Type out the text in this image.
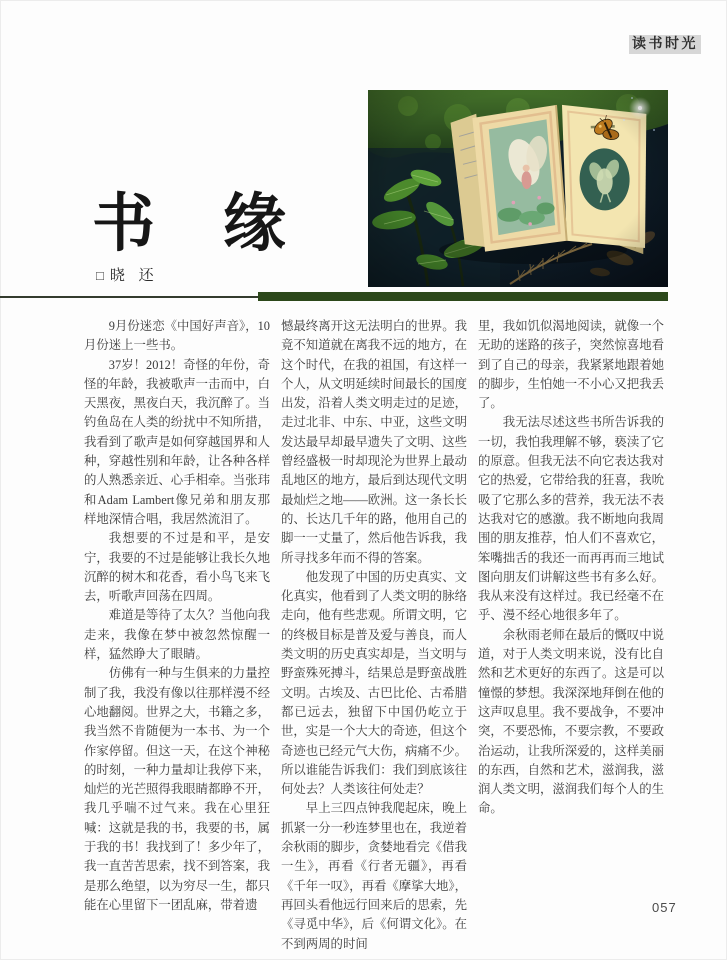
读书时光
书 缘
□ 晓 还

9月份迷恋《中国好声音》，10月份迷上一些书。

37岁！2012！奇怪的年份，奇怪的年龄，我被歌声一击而中，白天黑夜，黑夜白天，我沉醉了。当钓鱼岛在人类的纷扰中不知所措，我看到了歌声是如何穿越国界和人种，穿越性别和年龄，让各种各样的人熟悉亲近、心手相牵。当张玮和Adam Lambert像兄弟和朋友那样地深情合唱，我居然流泪了。

我想要的不过是和平，是安宁，我要的不过是能够让我长久地沉醉的树木和花香，看小鸟飞来飞去，听歌声回荡在四周。

难道是等待了太久？当他向我走来，我像在梦中被忽然惊醒一样，猛然睁大了眼睛。

仿佛有一种与生俱来的力量控制了我，我没有像以往那样漫不经心地翻阅。世界之大，书籍之多，我当然不肯随便为一本书、为一个作家停留。但这一天，在这个神秘的时刻，一种力量却让我停下来，灿烂的光芒照得我眼睛都睁不开，我几乎喘不过气来。我在心里狂喊：这就是我的书，我要的书，属于我的书！我找到了！多少年了，我一直苦苦思索，找不到答案，我是那么绝望，以为穷尽一生，都只能在心里留下一团乱麻，带着遗

憾最终离开这无法明白的世界。我竟不知道就在离我不远的地方，在这个时代，在我的祖国，有这样一个人，从文明延续时间最长的国度出发，沿着人类文明走过的足迹，走过北非、中东、中亚，这些文明发达最早却最早遗失了文明、这些曾经盛极一时却现沦为世界上最动乱地区的地方，最后到达现代文明最灿烂之地——欧洲。这一条长长的、长达几千年的路，他用自己的脚一一丈量了，然后他告诉我，我所寻找多年而不得的答案。

他发现了中国的历史真实、文化真实，他看到了人类文明的脉络走向，他有些悲观。所谓文明，它的终极目标是普及爱与善良，而人类文明的历史真实却是，当文明与野蛮殊死搏斗，结果总是野蛮战胜文明。古埃及、古巴比伦、古希腊都已远去，独留下中国仍屹立于世，实是一个大大的奇迹，但这个奇迹也已经元气大伤，病痛不少。所以谁能告诉我们：我们到底该往何处去？人类该往何处走？

早上三四点钟我爬起床，晚上抓紧一分一秒连梦里也在，我逆着余秋雨的脚步，贪婪地看完《借我一生》，再看《行者无疆》，再看《千年一叹》，再看《摩挲大地》，再回头看他远行回来后的思索，先《寻觅中华》，后《何谓文化》。在不到两周的时间

里，我如饥似渴地阅读，就像一个无助的迷路的孩子，突然惊喜地看到了自己的母亲，我紧紧地跟着她的脚步，生怕她一不小心又把我丢了。

我无法尽述这些书所告诉我的一切，我怕我理解不够，亵渎了它的原意。但我无法不向它表达我对它的热爱，它带给我的狂喜，我吮吸了它那么多的营养，我无法不表达我对它的感激。我不断地向我周围的朋友推荐，怕人们不喜欢它，笨嘴拙舌的我还一而再再而三地试图向朋友们讲解这些书有多么好。我从来没有这样过。我已经毫不在乎、漫不经心地很多年了。

余秋雨老师在最后的慨叹中说道，对于人类文明来说，没有比自然和艺术更好的东西了。这是可以憧憬的梦想。我深深地拜倒在他的这声叹息里。我不要战争，不要冲突，不要恐怖，不要宗教，不要政治运动，让我所深爱的，这样美丽的东西，自然和艺术，滋润我，滋润人类文明，滋润我们每个人的生命。

057
